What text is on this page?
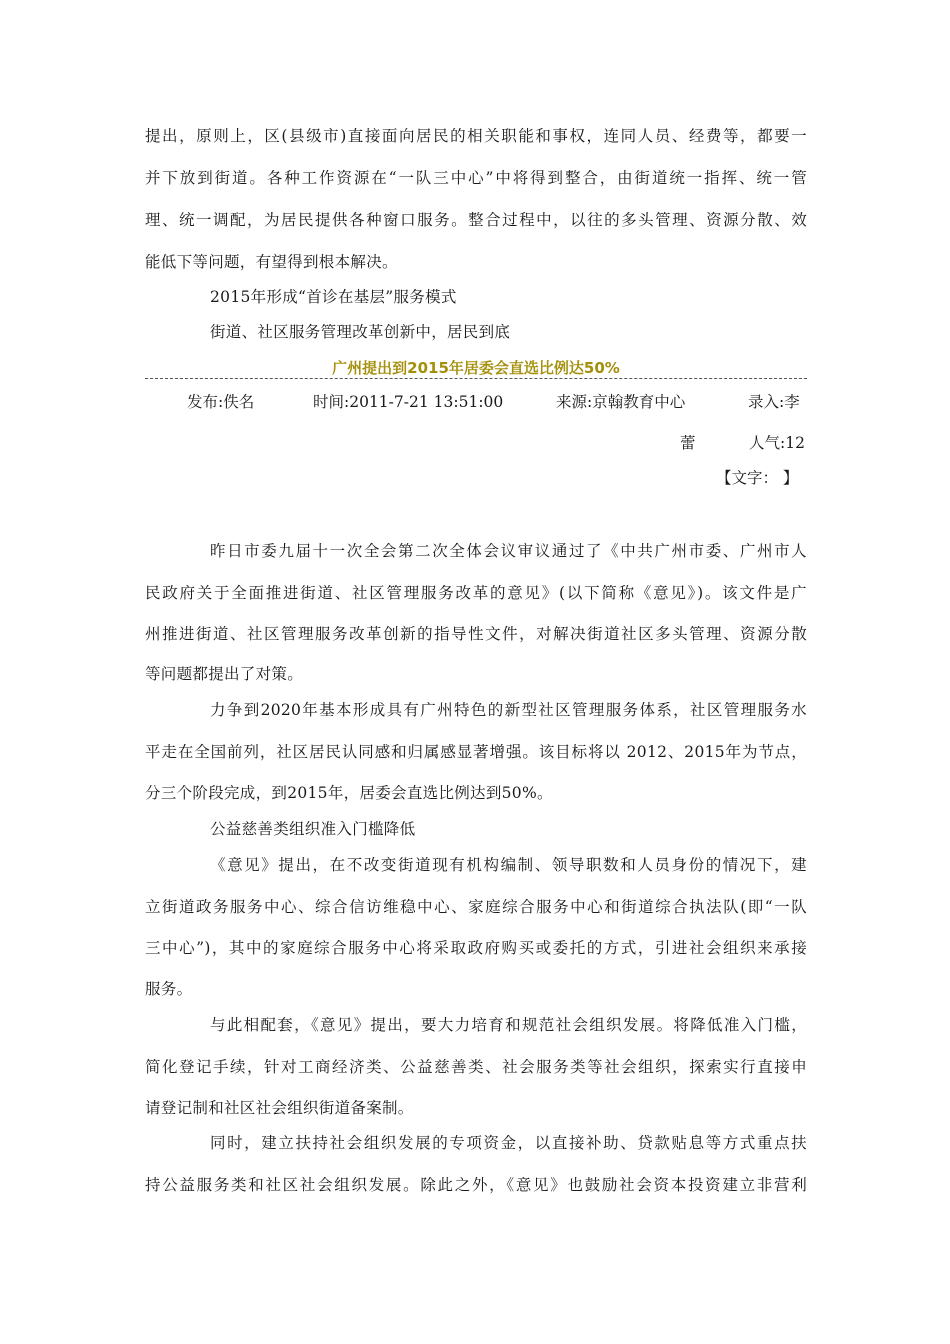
提出，原则上，区(县级市)直接面向居民的相关职能和事权，连同人员、经费等，都要一
并下放到街道。各种工作资源在“一队三中心”中将得到整合，由街道统一指挥、统一管
理、统一调配，为居民提供各种窗口服务。整合过程中，以往的多头管理、资源分散、效
能低下等问题，有望得到根本解决。
2015年形成“首诊在基层”服务模式
街道、社区服务管理改革创新中，居民到底
广州提出到2015年居委会直选比例达50%
发布:佚名	时间:2011-7-21 13:51:00	来源:京翰教育中心	录入:李
蕾	人气:12
【文字： 】
昨日市委九届十一次全会第二次全体会议审议通过了《中共广州市委、广州市人
民政府关于全面推进街道、社区管理服务改革的意见》(以下简称《意见》)。该文件是广
州推进街道、社区管理服务改革创新的指导性文件，对解决街道社区多头管理、资源分散
等问题都提出了对策。
力争到2020年基本形成具有广州特色的新型社区管理服务体系，社区管理服务水
平走在全国前列，社区居民认同感和归属感显著增强。该目标将以 2012、2015年为节点，
分三个阶段完成，到2015年，居委会直选比例达到50%。
公益慈善类组织准入门槛降低
《意见》提出，在不改变街道现有机构编制、领导职数和人员身份的情况下，建
立街道政务服务中心、综合信访维稳中心、家庭综合服务中心和街道综合执法队(即“一队
三中心”)，其中的家庭综合服务中心将采取政府购买或委托的方式，引进社会组织来承接
服务。
与此相配套，《意见》提出，要大力培育和规范社会组织发展。将降低准入门槛，
简化登记手续，针对工商经济类、公益慈善类、社会服务类等社会组织，探索实行直接申
请登记制和社区社会组织街道备案制。
同时，建立扶持社会组织发展的专项资金，以直接补助、贷款贴息等方式重点扶
持公益服务类和社区社会组织发展。除此之外，《意见》也鼓励社会资本投资建立非营利
